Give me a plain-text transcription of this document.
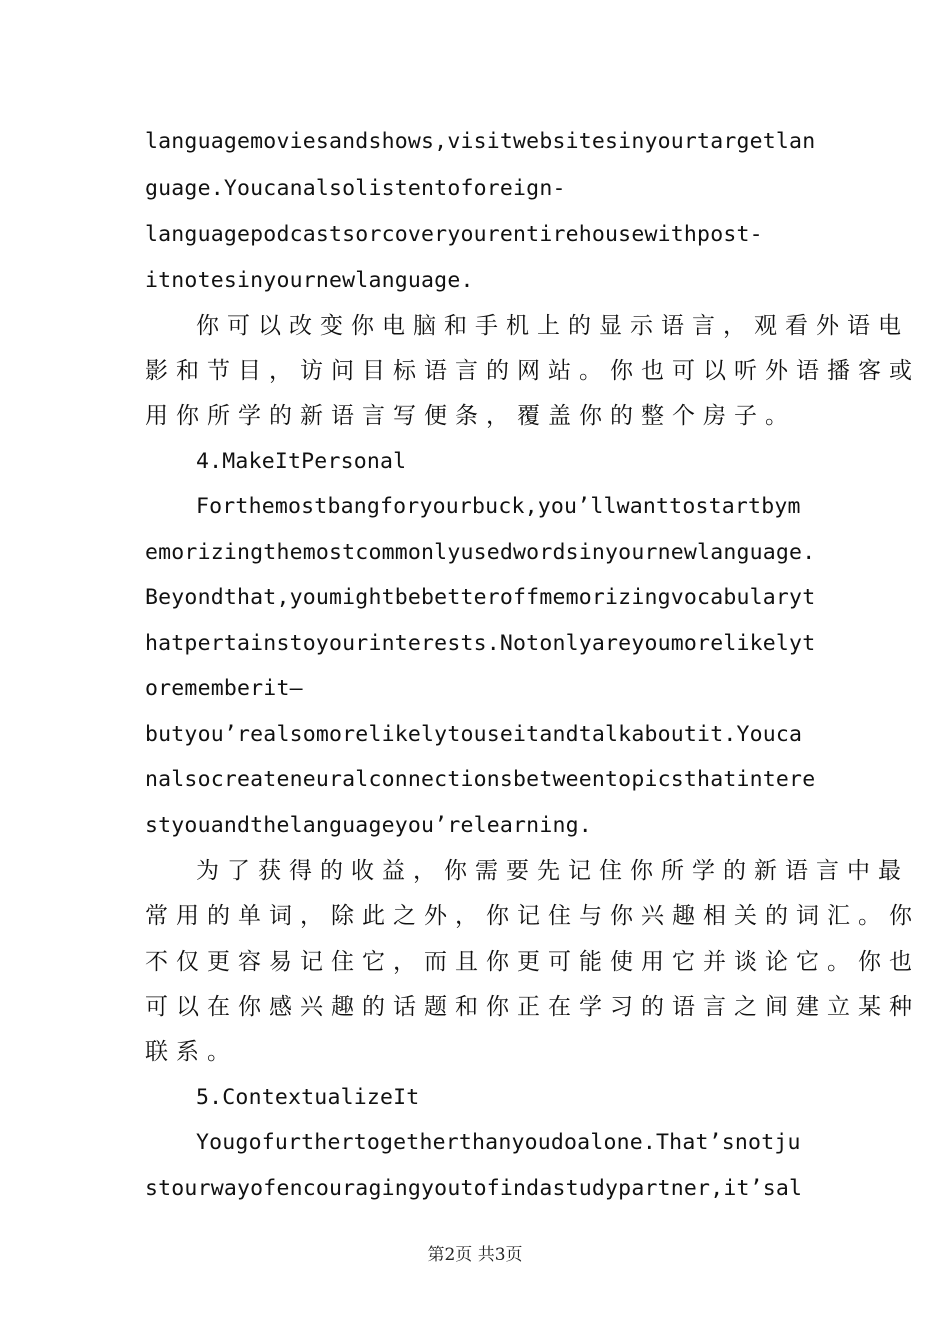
languagemoviesandshows,visitwebsitesinyourtargetlan
guage.Youcanalsolistentoforeign-
languagepodcastsorcoveryourentirehousewithpost-
itnotesinyournewlanguage.
你可以改变你电脑和手机上的显示语言，观看外语电
影和节目，访问目标语言的网站。你也可以听外语播客或
用你所学的新语言写便条，覆盖你的整个房子。
4.MakeItPersonal
Forthemostbangforyourbuck,you’llwanttostartbym
emorizingthemostcommonlyusedwordsinyournewlanguage.
Beyondthat,youmightbebetteroffmemorizingvocabularyt
hatpertainstoyourinterests.Notonlyareyoumorelikelyt
orememberit—
butyou’realsomorelikelytouseitandtalkaboutit.Youca
nalsocreateneuralconnectionsbetweentopicsthatintere
styouandthelanguageyou’relearning.
为了获得的收益，你需要先记住你所学的新语言中最
常用的单词，除此之外，你记住与你兴趣相关的词汇。你
不仅更容易记住它，而且你更可能使用它并谈论它。你也
可以在你感兴趣的话题和你正在学习的语言之间建立某种
联系。
5.ContextualizeIt
Yougofurthertogetherthanyoudoalone.That’snotju
stourwayofencouragingyoutofindastudypartner,it’sal
第2页 共3页
